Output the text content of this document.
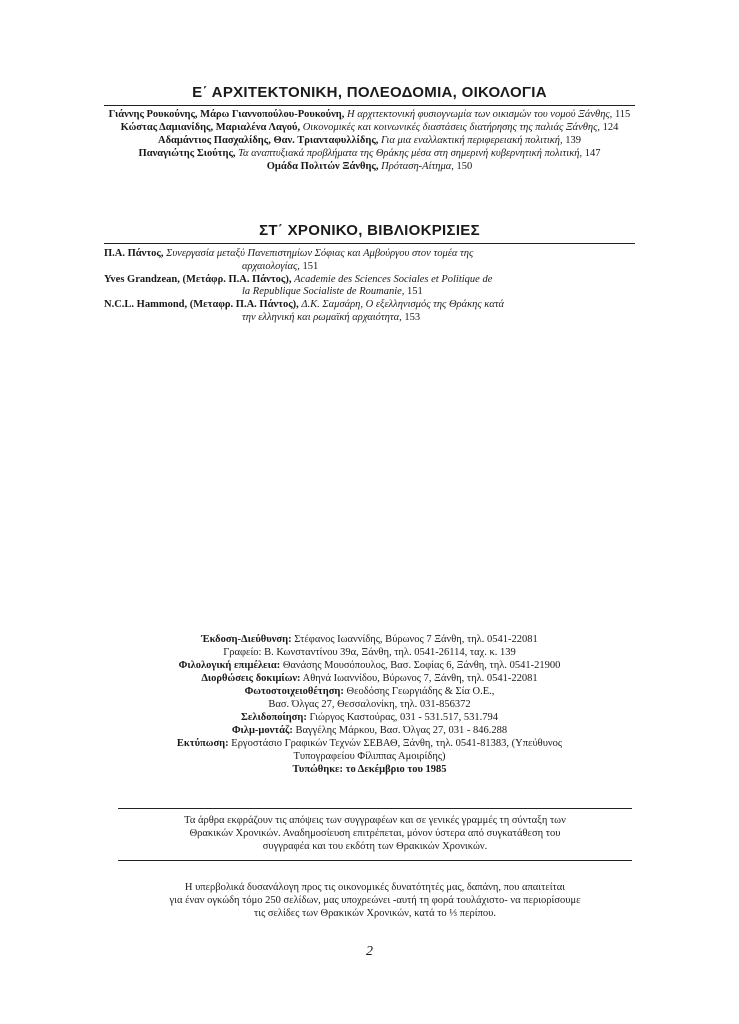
Ε΄ ΑΡΧΙΤΕΚΤΟΝΙΚΗ, ΠΟΛΕΟΔΟΜΙΑ, ΟΙΚΟΛΟΓΙΑ

Γιάννης Ρουκούνης, Μάρω Γιαννοπούλου-Ρουκούνη, Η αρχιτεκτονική φυσιογνωμία των οικισμών του νομού Ξάνθης, 115

Κώστας Δαμιανίδης, Μαριαλένα Λαγού, Οικονομικές και κοινωνικές διαστάσεις διατήρησης της παλιάς Ξάνθης, 124

Αδαμάντιος Πασχαλίδης, Θαν. Τριανταφυλλίδης, Για μια εναλλακτική περιφερειακή πολιτική, 139

Παναγιώτης Σιούτης, Τα αναπτυξιακά προβλήματα της Θράκης μέσα στη σημερινή κυβερνητική πολιτική, 147

Ομάδα Πολιτών Ξάνθης, Πρόταση-Αίτημα, 150

ΣΤ΄ ΧΡΟΝΙΚΟ, ΒΙΒΛΙΟΚΡΙΣΙΕΣ

Π.Α. Πάντος, Συνεργασία μεταξύ Πανεπιστημίων Σόφιας και Αμβούργου στον τομέα της
αρχαιολογίας, 151

Yves Grandzean, (Μετάφρ. Π.Α. Πάντος), Academie des Sciences Sociales et Politique de
la Republique Socialiste de Roumanie, 151

N.C.L. Hammond, (Μεταφρ. Π.Α. Πάντος), Δ.Κ. Σαμσάρη, Ο εξελληνισμός της Θράκης κατά
την ελληνική και ρωμαϊκή αρχαιότητα, 153

Έκδοση-Διεύθυνση: Στέφανος Ιωαννίδης, Βύρωνος 7 Ξάνθη, τηλ. 0541-22081
Γραφείο: Β. Κωνσταντίνου 39α, Ξάνθη, τηλ. 0541-26114, ταχ. κ. 139
Φιλολογική επιμέλεια: Θανάσης Μουσόπουλος, Βασ. Σοφίας 6, Ξάνθη, τηλ. 0541-21900
Διορθώσεις δοκιμίων: Αθηνά Ιωαννίδου, Βύρωνος 7, Ξάνθη, τηλ. 0541-22081
Φωτοστοιχειοθέτηση: Θεοδόσης Γεωργιάδης & Σία Ο.Ε.,
Βασ. Όλγας 27, Θεσσαλονίκη, τηλ. 031-856372
Σελιδοποίηση: Γιώργος Καστούρας, 031 - 531.517, 531.794
Φιλμ-μοντάζ: Βαγγέλης Μάρκου, Βασ. Όλγας 27, 031 - 846.288
Εκτύπωση: Εργοστάσιο Γραφικών Τεχνών ΣΕΒΑΘ, Ξάνθη, τηλ. 0541-81383, (Υπεύθυνος
Τυπογραφείου Φίλιππας Αμοιρίδης)
Τυπώθηκε: το Δεκέμβριο του 1985
Τα άρθρα εκφράζουν τις απόψεις των συγγραφέων και σε γενικές γραμμές τη σύνταξη των
Θρακικών Χρονικών. Αναδημοσίευση επιτρέπεται, μόνον ύστερα από συγκατάθεση του
συγγραφέα και του εκδότη των Θρακικών Χρονικών.
Η υπερβολικά δυσανάλογη προς τις οικονομικές δυνατότητές μας, δαπάνη, που απαιτείται
για έναν ογκώδη τόμο 250 σελίδων, μας υποχρεώνει -αυτή τη φορά τουλάχιστο- να περιορίσουμε
τις σελίδες των Θρακικών Χρονικών, κατά το ⅓ περίπου.
2
